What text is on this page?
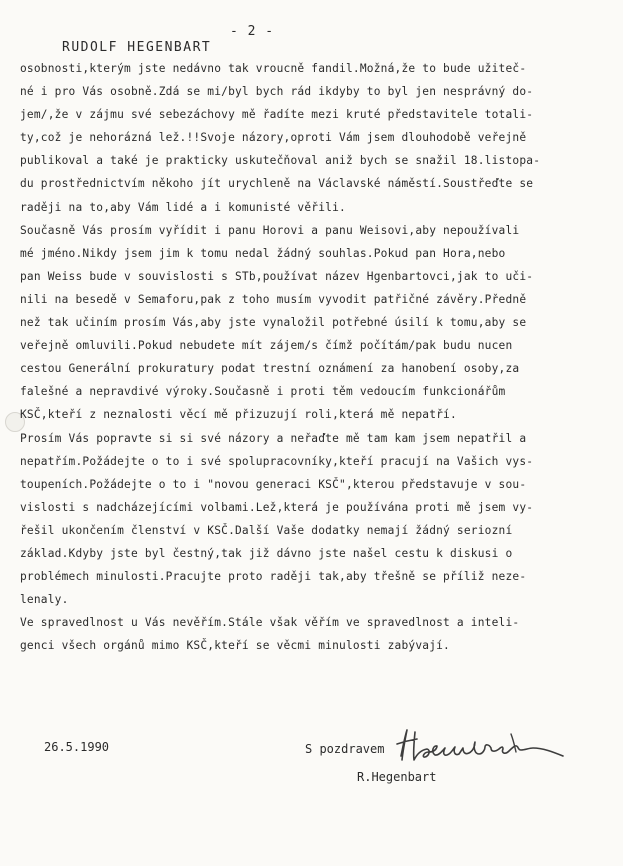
- 2 -
RUDOLF HEGENBART
osobnosti,kterým jste nedávno tak vroucně fandil.Možná,že to bude užiteč-
né i pro Vás osobně.Zdá se mi/byl bych rád ikdyby to byl jen nesprávný do-
jem/,že v zájmu své sebezáchovy mě řadíte mezi kruté představitele totali-
ty,což je nehorázná lež.!!Svoje názory,oproti Vám jsem dlouhodobě veřejně
publikoval a také je prakticky uskutečňoval aniž bych se snažil 18.listopa-
du prostřednictvím někoho jít urychleně na Václavské náměstí.Soustřeďte se
raději na to,aby Vám lidé a i komunisté věřili.
Současně Vás prosím vyřídit i panu Horovi a panu Weisovi,aby nepoužívali
mé jméno.Nikdy jsem jim k tomu nedal žádný souhlas.Pokud pan Hora,nebo
pan Weiss bude v souvislosti s STb,používat název Hgenbartovci,jak to uči-
nili na besedě v Semaforu,pak z toho musím vyvodit patřičné závěry.Předně
než tak učiním prosím Vás,aby jste vynaložil potřebné úsilí k tomu,aby se
veřejně omluvili.Pokud nebudete mít zájem/s čímž počítám/pak budu nucen
cestou Generální prokuratury podat trestní oznámení za hanobení osoby,za
falešné a nepravdivé výroky.Současně i proti těm vedoucím funkcionářům
KSČ,kteří z neznalosti věcí mě přizuzují roli,která mě nepatří.
Prosím Vás popravte si si své názory a neřaďte mě tam kam jsem nepatřil a
nepatřím.Požádejte o to i své spolupracovníky,kteří pracují na Vašich vys-
toupeních.Požádejte o to i "novou generaci KSČ",kterou představuje v sou-
vislosti s nadcházejícími volbami.Lež,která je používána proti mě jsem vy-
řešil ukončením členství v KSČ.Další Vaše dodatky nemají žádný seriozní
základ.Kdyby jste byl čestný,tak již dávno jste našel cestu k diskusi o
problémech minulosti.Pracujte proto raději tak,aby třešně se příliž neze-
lenaly.
Ve spravedlnost u Vás nevěřím.Stále však věřím ve spravedlnost a inteli-
genci všech orgánů mimo KSČ,kteří se věcmi minulosti zabývají.
26.5.1990	S pozdravem
R.Hegenbart
